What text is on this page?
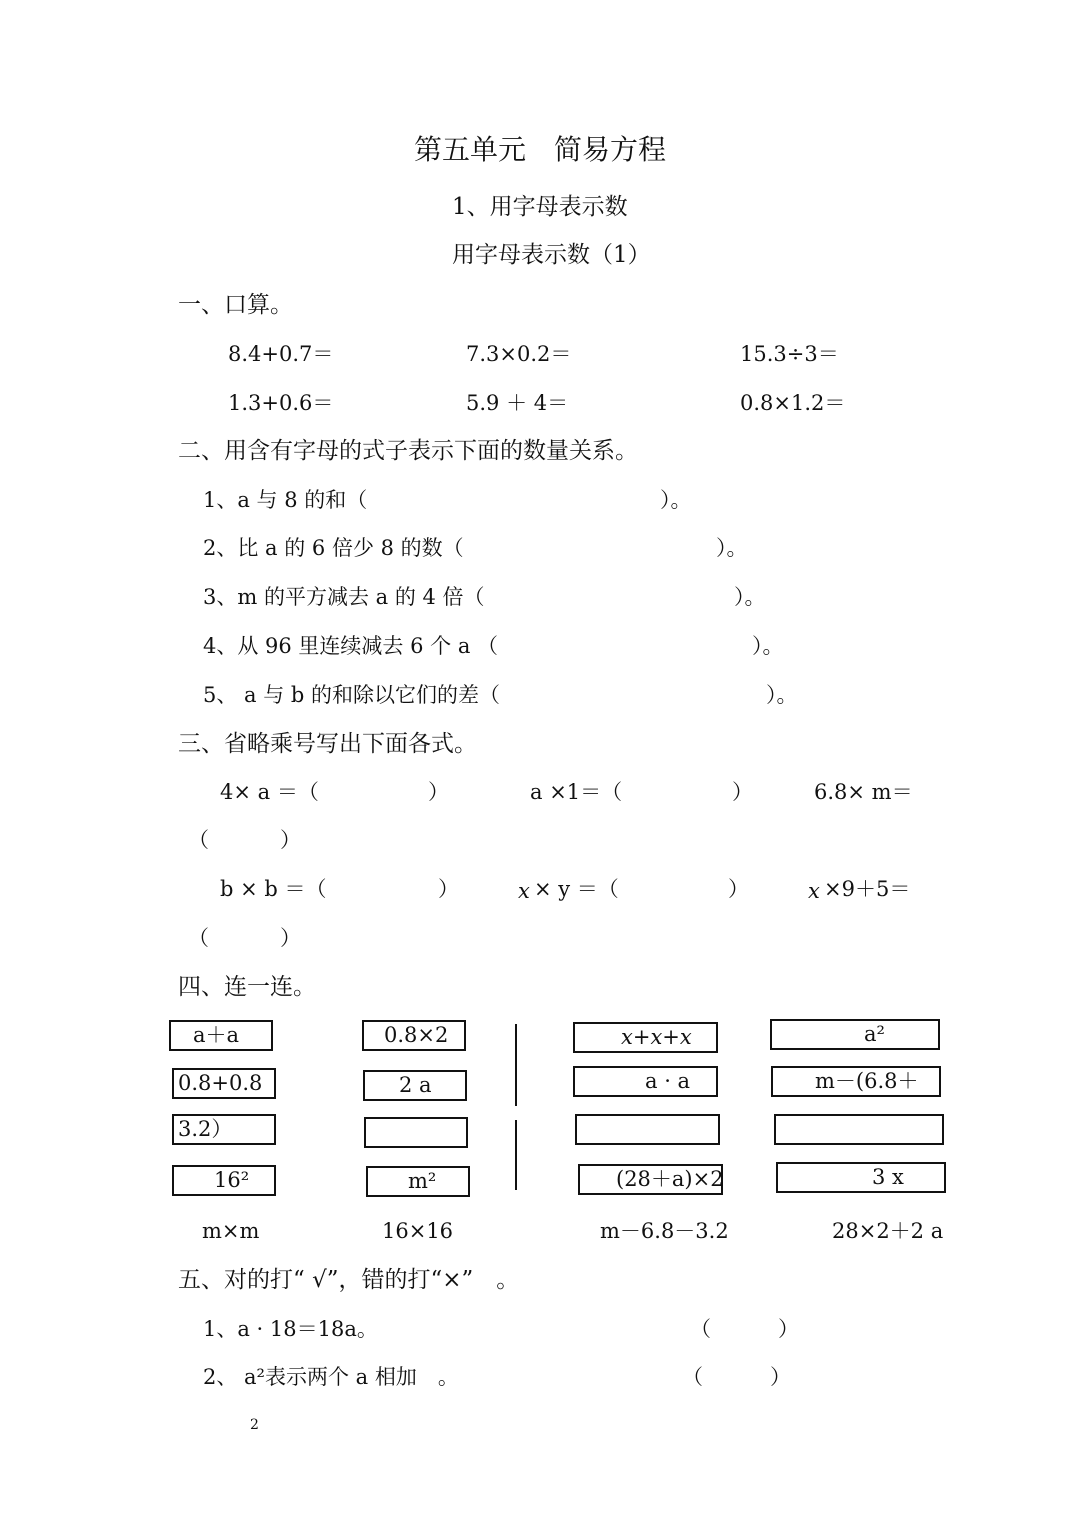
第五单元　简易方程
1、用字母表示数
用字母表示数（1）
一、口算。
8.4+0.7＝	7.3×0.2＝	15.3÷3＝
1.3+0.6＝	5.9 ＋ 4＝	0.8×1.2＝
二、用含有字母的式子表示下面的数量关系。
1、a 与 8 的和（	）。
2、比 a 的 6 倍少 8 的数（	）。
3、m 的平方减去 a 的 4 倍（	）。
4、从 96 里连续减去 6 个 a （	）。
5、 a 与 b 的和除以它们的差（	）。
三、省略乘号写出下面各式。
4× a ＝（	）	a ×1＝（	）	6.8× m＝
（	）
b × b ＝（	）	x × y ＝（	）	x ×9＋5＝
（	）
四、连一连。
a＋a
0.8+0.8
3.2）
16²
0.8×2
2 a
m²
x+x+x
a · a
(28＋a)×2
a²
m－(6.8＋
3 x
m×m	16×16	m－6.8－3.2	28×2＋2 a
五、对的打“ √”，错的打“×”　。
1、a · 18＝18a。	（	）
2、 a²表示两个 a 相加　。	（	）
2
